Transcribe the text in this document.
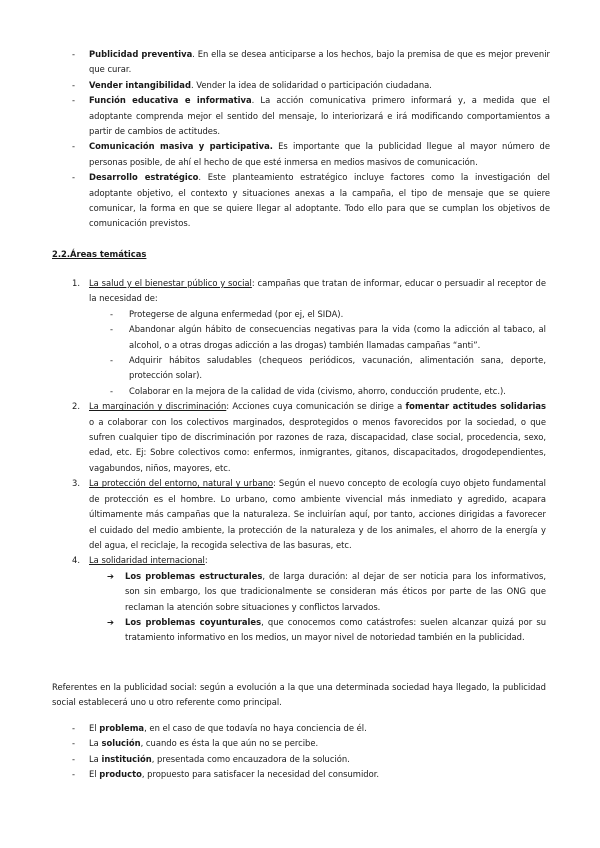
- Publicidad preventiva. En ella se desea anticiparse a los hechos, bajo la premisa de que es mejor prevenir que curar.
- Vender intangibilidad. Vender la idea de solidaridad o participación ciudadana.
- Función educativa e informativa. La acción comunicativa primero informará y, a medida que el adoptante comprenda mejor el sentido del mensaje, lo interiorizará e irá modificando comportamientos a partir de cambios de actitudes.
- Comunicación masiva y participativa. Es importante que la publicidad llegue al mayor número de personas posible, de ahí el hecho de que esté inmersa en medios masivos de comunicación.
- Desarrollo estratégico. Este planteamiento estratégico incluye factores como la investigación del adoptante objetivo, el contexto y situaciones anexas a la campaña, el tipo de mensaje que se quiere comunicar, la forma en que se quiere llegar al adoptante. Todo ello para que se cumplan los objetivos de comunicación previstos.
2.2.Áreas temáticas
1. La salud y el bienestar público y social: campañas que tratan de informar, educar o persuadir al receptor de la necesidad de:
- Protegerse de alguna enfermedad (por ej, el SIDA).
- Abandonar algún hábito de consecuencias negativas para la vida (como la adicción al tabaco, al alcohol, o a otras drogas adicción a las drogas) también llamadas campañas “anti”.
- Adquirir hábitos saludables (chequeos periódicos, vacunación, alimentación sana, deporte, protección solar).
- Colaborar en la mejora de la calidad de vida (civismo, ahorro, conducción prudente, etc.).
2. La marginación y discriminación: Acciones cuya comunicación se dirige a fomentar actitudes solidarias o a colaborar con los colectivos marginados, desprotegidos o menos favorecidos por la sociedad, o que sufren cualquier tipo de discriminación por razones de raza, discapacidad, clase social, procedencia, sexo, edad, etc. Ej: Sobre colectivos como: enfermos, inmigrantes, gitanos, discapacitados, drogodependientes, vagabundos, niños, mayores, etc.
3. La protección del entorno, natural y urbano: Según el nuevo concepto de ecología cuyo objeto fundamental de protección es el hombre. Lo urbano, como ambiente vivencial más inmediato y agredido, acapara últimamente más campañas que la naturaleza. Se incluirían aquí, por tanto, acciones dirigidas a favorecer el cuidado del medio ambiente, la protección de la naturaleza y de los animales, el ahorro de la energía y del agua, el reciclaje, la recogida selectiva de las basuras, etc.
4. La solidaridad internacional:
➔ Los problemas estructurales, de larga duración: al dejar de ser noticia para los informativos, son sin embargo, los que tradicionalmente se consideran más éticos por parte de las ONG que reclaman la atención sobre situaciones y conflictos larvados.
➔ Los problemas coyunturales, que conocemos como catástrofes: suelen alcanzar quizá por su tratamiento informativo en los medios, un mayor nivel de notoriedad también en la publicidad.
Referentes en la publicidad social: según a evolución a la que una determinada sociedad haya llegado, la publicidad social establecerá uno u otro referente como principal.
- El problema, en el caso de que todavía no haya conciencia de él.
- La solución, cuando es ésta la que aún no se percibe.
- La institución, presentada como encauzadora de la solución.
- El producto, propuesto para satisfacer la necesidad del consumidor.
